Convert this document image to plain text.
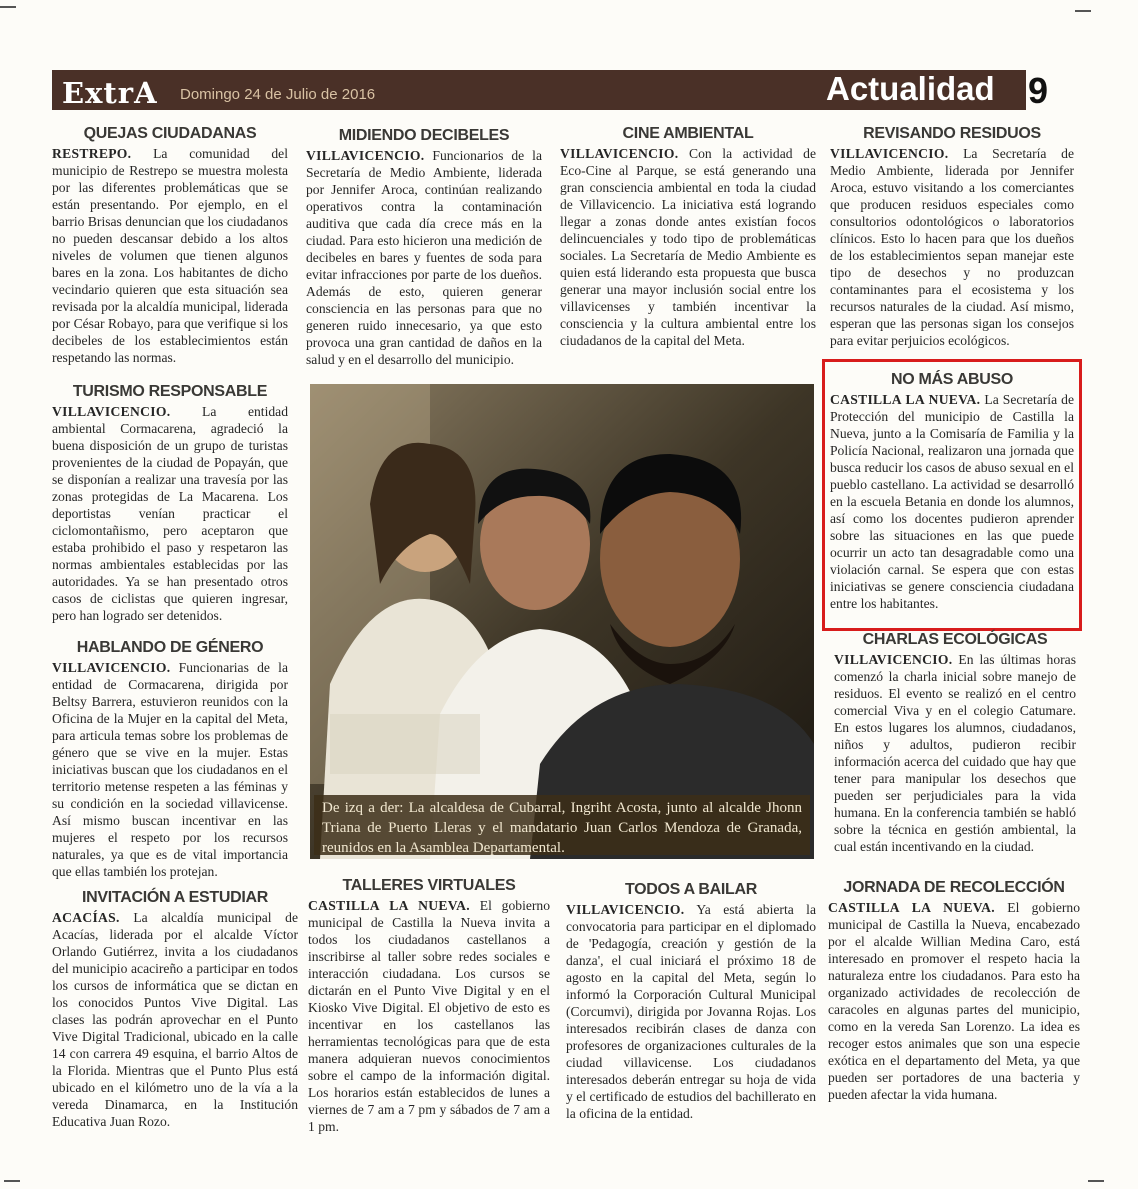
ExtrA Domingo 24 de Julio de 2016	Actualidad 9
QUEJAS CIUDADANAS

RESTREPO. La comunidad del municipio de Restrepo se muestra molesta por las diferentes problemáticas que se están presentando. Por ejemplo, en el barrio Brisas denuncian que los ciudadanos no pueden descansar debido a los altos niveles de volumen que tienen algunos bares en la zona. Los habitantes de dicho vecindario quieren que esta situación sea revisada por la alcaldía municipal, liderada por César Robayo, para que verifique si los decibeles de los establecimientos están respetando las normas.

TURISMO RESPONSABLE

VILLAVICENCIO. La entidad ambiental Cormacarena, agradeció la buena disposición de un grupo de turistas provenientes de la ciudad de Popayán, que se disponían a realizar una travesía por las zonas protegidas de La Macarena. Los deportistas venían practicar el ciclomontañismo, pero aceptaron que estaba prohibido el paso y respetaron las normas ambientales establecidas por las autoridades. Ya se han presentado otros casos de ciclistas que quieren ingresar, pero han logrado ser detenidos.

HABLANDO DE GÉNERO

VILLAVICENCIO. Funcionarias de la entidad de Cormacarena, dirigida por Beltsy Barrera, estuvieron reunidos con la Oficina de la Mujer en la capital del Meta, para articula temas sobre los problemas de género que se vive en la mujer. Estas iniciativas buscan que los ciudadanos en el territorio metense respeten a las féminas y su condición en la sociedad villavicense. Así mismo buscan incentivar en las mujeres el respeto por los recursos naturales, ya que es de vital importancia que ellas también los protejan.

INVITACIÓN A ESTUDIAR

ACACÍAS. La alcaldía municipal de Acacías, liderada por el alcalde Víctor Orlando Gutiérrez, invita a los ciudadanos del municipio acacireño a participar en todos los cursos de informática que se dictan en los conocidos Puntos Vive Digital. Las clases las podrán aprovechar en el Punto Vive Digital Tradicional, ubicado en la calle 14 con carrera 49 esquina, el barrio Altos de la Florida. Mientras que el Punto Plus está ubicado en el kilómetro uno de la vía a la vereda Dinamarca, en la Institución Educativa Juan Rozo.

MIDIENDO DECIBELES

VILLAVICENCIO. Funcionarios de la Secretaría de Medio Ambiente, liderada por Jennifer Aroca, continúan realizando operativos contra la contaminación auditiva que cada día crece más en la ciudad. Para esto hicieron una medición de decibeles en bares y fuentes de soda para evitar infracciones por parte de los dueños. Además de esto, quieren generar consciencia en las personas para que no generen ruido innecesario, ya que esto provoca una gran cantidad de daños en la salud y en el desarrollo del municipio.

CINE AMBIENTAL

VILLAVICENCIO. Con la actividad de Eco-Cine al Parque, se está generando una gran consciencia ambiental en toda la ciudad de Villavicencio. La iniciativa está logrando llegar a zonas donde antes existían focos delincuenciales y todo tipo de problemáticas sociales. La Secretaría de Medio Ambiente es quien está liderando esta propuesta que busca generar una mayor inclusión social entre los villavicenses y también incentivar la consciencia y la cultura ambiental entre los ciudadanos de la capital del Meta.

REVISANDO RESIDUOS

VILLAVICENCIO. La Secretaría de Medio Ambiente, liderada por Jennifer Aroca, estuvo visitando a los comerciantes que producen residuos especiales como consultorios odontológicos o laboratorios clínicos. Esto lo hacen para que los dueños de los establecimientos sepan manejar este tipo de desechos y no produzcan contaminantes para el ecosistema y los recursos naturales de la ciudad. Así mismo, esperan que las personas sigan los consejos para evitar perjuicios ecológicos.

NO MÁS ABUSO

CASTILLA LA NUEVA. La Secretaría de Protección del municipio de Castilla la Nueva, junto a la Comisaría de Familia y la Policía Nacional, realizaron una jornada que busca reducir los casos de abuso sexual en el pueblo castellano. La actividad se desarrolló en la escuela Betania en donde los alumnos, así como los docentes pudieron aprender sobre las situaciones en las que puede ocurrir un acto tan desagradable como una violación carnal. Se espera que con estas iniciativas se genere consciencia ciudadana entre los habitantes.

CHARLAS ECOLÓGICAS

VILLAVICENCIO. En las últimas horas comenzó la charla inicial sobre manejo de residuos. El evento se realizó en el centro comercial Viva y en el colegio Catumare. En estos lugares los alumnos, ciudadanos, niños y adultos, pudieron recibir información acerca del cuidado que hay que tener para manipular los desechos que pueden ser perjudiciales para la vida humana. En la conferencia también se habló sobre la técnica en gestión ambiental, la cual están incentivando en la ciudad.

De izq a der: La alcaldesa de Cubarral, Ingriht Acosta, junto al alcalde Jhonn Triana de Puerto Lleras y el mandatario Juan Carlos Mendoza de Granada, reunidos en la Asamblea Departamental.
TALLERES VIRTUALES

CASTILLA LA NUEVA. El gobierno municipal de Castilla la Nueva invita a todos los ciudadanos castellanos a inscribirse al taller sobre redes sociales e interacción ciudadana. Los cursos se dictarán en el Punto Vive Digital y en el Kiosko Vive Digital. El objetivo de esto es incentivar en los castellanos las herramientas tecnológicas para que de esta manera adquieran nuevos conocimientos sobre el campo de la información digital. Los horarios están establecidos de lunes a viernes de 7 am a 7 pm y sábados de 7 am a 1 pm.

TODOS A BAILAR

VILLAVICENCIO. Ya está abierta la convocatoria para participar en el diplomado de 'Pedagogía, creación y gestión de la danza', el cual iniciará el próximo 18 de agosto en la capital del Meta, según lo informó la Corporación Cultural Municipal (Corcumvi), dirigida por Jovanna Rojas. Los interesados recibirán clases de danza con profesores de organizaciones culturales de la ciudad villavicense. Los ciudadanos interesados deberán entregar su hoja de vida y el certificado de estudios del bachillerato en la oficina de la entidad.

JORNADA DE RECOLECCIÓN

CASTILLA LA NUEVA. El gobierno municipal de Castilla la Nueva, encabezado por el alcalde Willian Medina Caro, está interesado en promover el respeto hacia la naturaleza entre los ciudadanos. Para esto ha organizado actividades de recolección de caracoles en algunas partes del municipio, como en la vereda San Lorenzo. La idea es recoger estos animales que son una especie exótica en el departamento del Meta, ya que pueden ser portadores de una bacteria y pueden afectar la vida humana.
